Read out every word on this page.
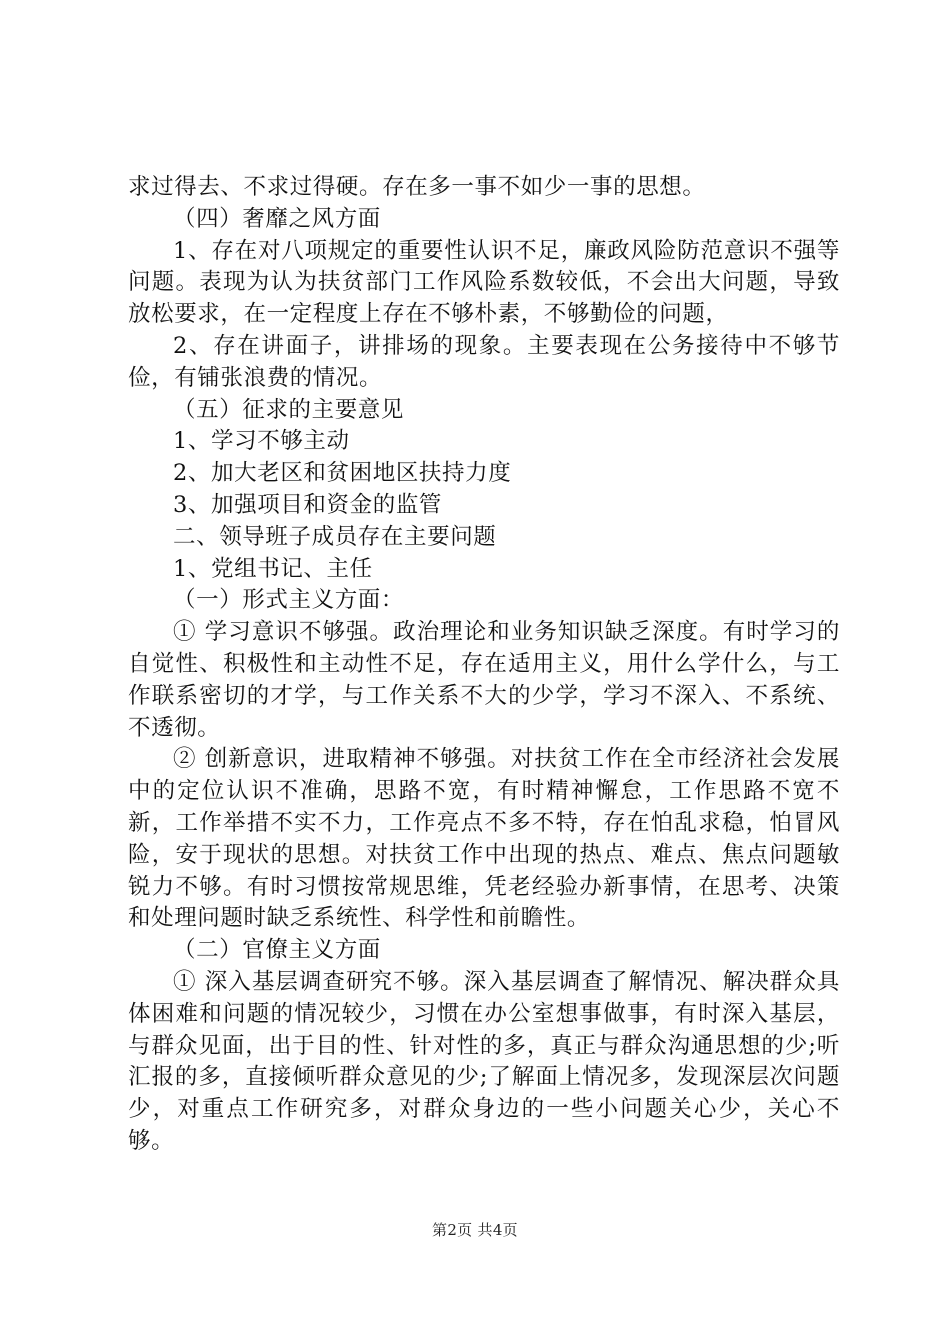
求过得去、不求过得硬。存在多一事不如少一事的思想。

（四）奢靡之风方面

1、存在对八项规定的重要性认识不足，廉政风险防范意识不强等问题。表现为认为扶贫部门工作风险系数较低，不会出大问题，导致放松要求，在一定程度上存在不够朴素，不够勤俭的问题，

2、存在讲面子，讲排场的现象。主要表现在公务接待中不够节俭，有铺张浪费的情况。

（五）征求的主要意见

1、学习不够主动

2、加大老区和贫困地区扶持力度

3、加强项目和资金的监管

二、领导班子成员存在主要问题

1、党组书记、主任

（一）形式主义方面：

① 学习意识不够强。政治理论和业务知识缺乏深度。有时学习的自觉性、积极性和主动性不足，存在适用主义，用什么学什么，与工作联系密切的才学，与工作关系不大的少学，学习不深入、不系统、不透彻。

② 创新意识，进取精神不够强。对扶贫工作在全市经济社会发展中的定位认识不准确，思路不宽，有时精神懈怠，工作思路不宽不新，工作举措不实不力，工作亮点不多不特，存在怕乱求稳，怕冒风险，安于现状的思想。对扶贫工作中出现的热点、难点、焦点问题敏锐力不够。有时习惯按常规思维，凭老经验办新事情，在思考、决策和处理问题时缺乏系统性、科学性和前瞻性。

（二）官僚主义方面

① 深入基层调查研究不够。深入基层调查了解情况、解决群众具体困难和问题的情况较少，习惯在办公室想事做事，有时深入基层，与群众见面，出于目的性、针对性的多，真正与群众沟通思想的少;听汇报的多，直接倾听群众意见的少;了解面上情况多，发现深层次问题少，对重点工作研究多，对群众身边的一些小问题关心少，关心不够。

第2页 共4页
